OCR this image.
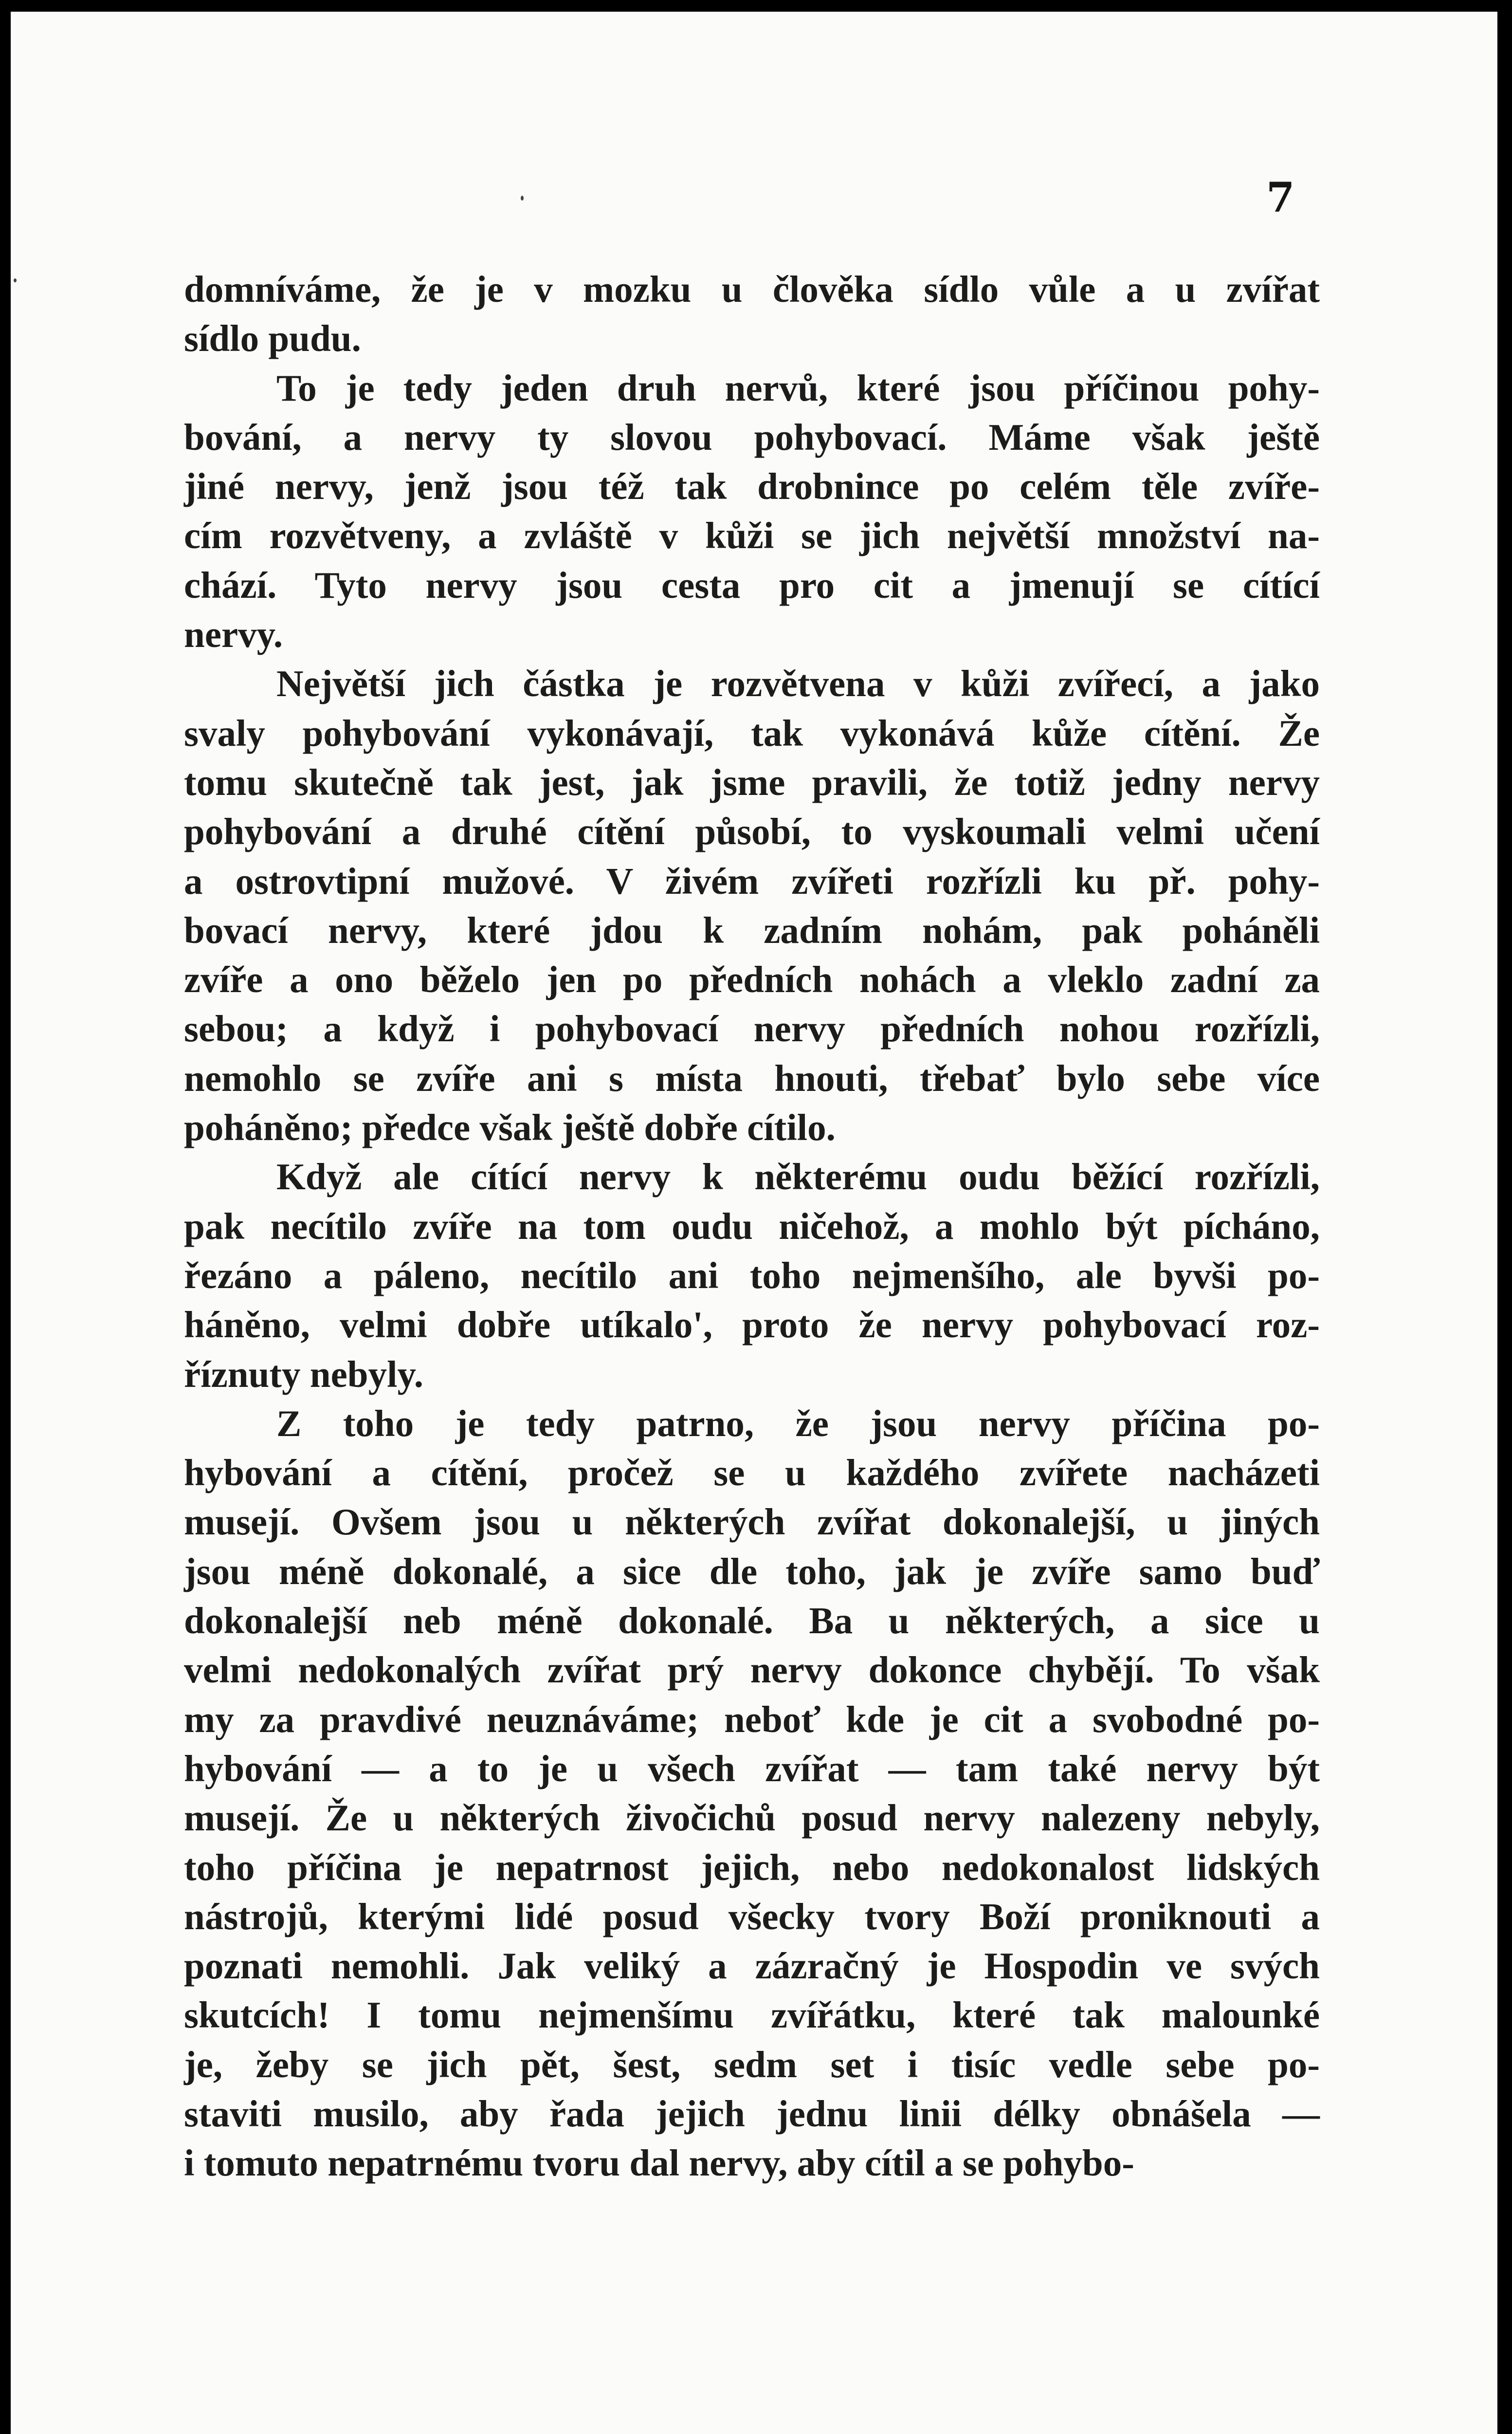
7
domníváme, že je v mozku u člověka sídlo vůle a u zvířat
sídlo pudu.
To je tedy jeden druh nervů, které jsou příčinou pohy-
bování, a nervy ty slovou pohybovací. Máme však ještě
jiné nervy, jenž jsou též tak drobnince po celém těle zvíře-
cím rozvětveny, a zvláště v kůži se jich největší množství na-
chází. Tyto nervy jsou cesta pro cit a jmenují se cítící
nervy.
Největší jich částka je rozvětvena v kůži zvířecí, a jako
svaly pohybování vykonávají, tak vykonává kůže cítění. Že
tomu skutečně tak jest, jak jsme pravili, že totiž jedny nervy
pohybování a druhé cítění působí, to vyskoumali velmi učení
a ostrovtipní mužové. V živém zvířeti rozřízli ku př. pohy-
bovací nervy, které jdou k zadním nohám, pak poháněli
zvíře a ono běželo jen po předních nohách a vleklo zadní za
sebou; a když i pohybovací nervy předních nohou rozřízli,
nemohlo se zvíře ani s místa hnouti, třebať bylo sebe více
poháněno; předce však ještě dobře cítilo.
Když ale cítící nervy k některému oudu běžící rozřízli,
pak necítilo zvíře na tom oudu ničehož, a mohlo být pícháno,
řezáno a páleno, necítilo ani toho nejmenšího, ale byvši po-
háněno, velmi dobře utíkalo', proto že nervy pohybovací roz-
říznuty nebyly.
Z toho je tedy patrno, že jsou nervy příčina po-
hybování a cítění, pročež se u každého zvířete nacházeti
musejí. Ovšem jsou u některých zvířat dokonalejší, u jiných
jsou méně dokonalé, a sice dle toho, jak je zvíře samo buď
dokonalejší neb méně dokonalé. Ba u některých, a sice u
velmi nedokonalých zvířat prý nervy dokonce chybějí. To však
my za pravdivé neuznáváme; neboť kde je cit a svobodné po-
hybování — a to je u všech zvířat — tam také nervy být
musejí. Že u některých živočichů posud nervy nalezeny nebyly,
toho příčina je nepatrnost jejich, nebo nedokonalost lidských
nástrojů, kterými lidé posud všecky tvory Boží proniknouti a
poznati nemohli. Jak veliký a zázračný je Hospodin ve svých
skutcích! I tomu nejmenšímu zvířátku, které tak malounké
je, žeby se jich pět, šest, sedm set i tisíc vedle sebe po-
staviti musilo, aby řada jejich jednu linii délky obnášela —
i tomuto nepatrnému tvoru dal nervy, aby cítil a se pohybo-
